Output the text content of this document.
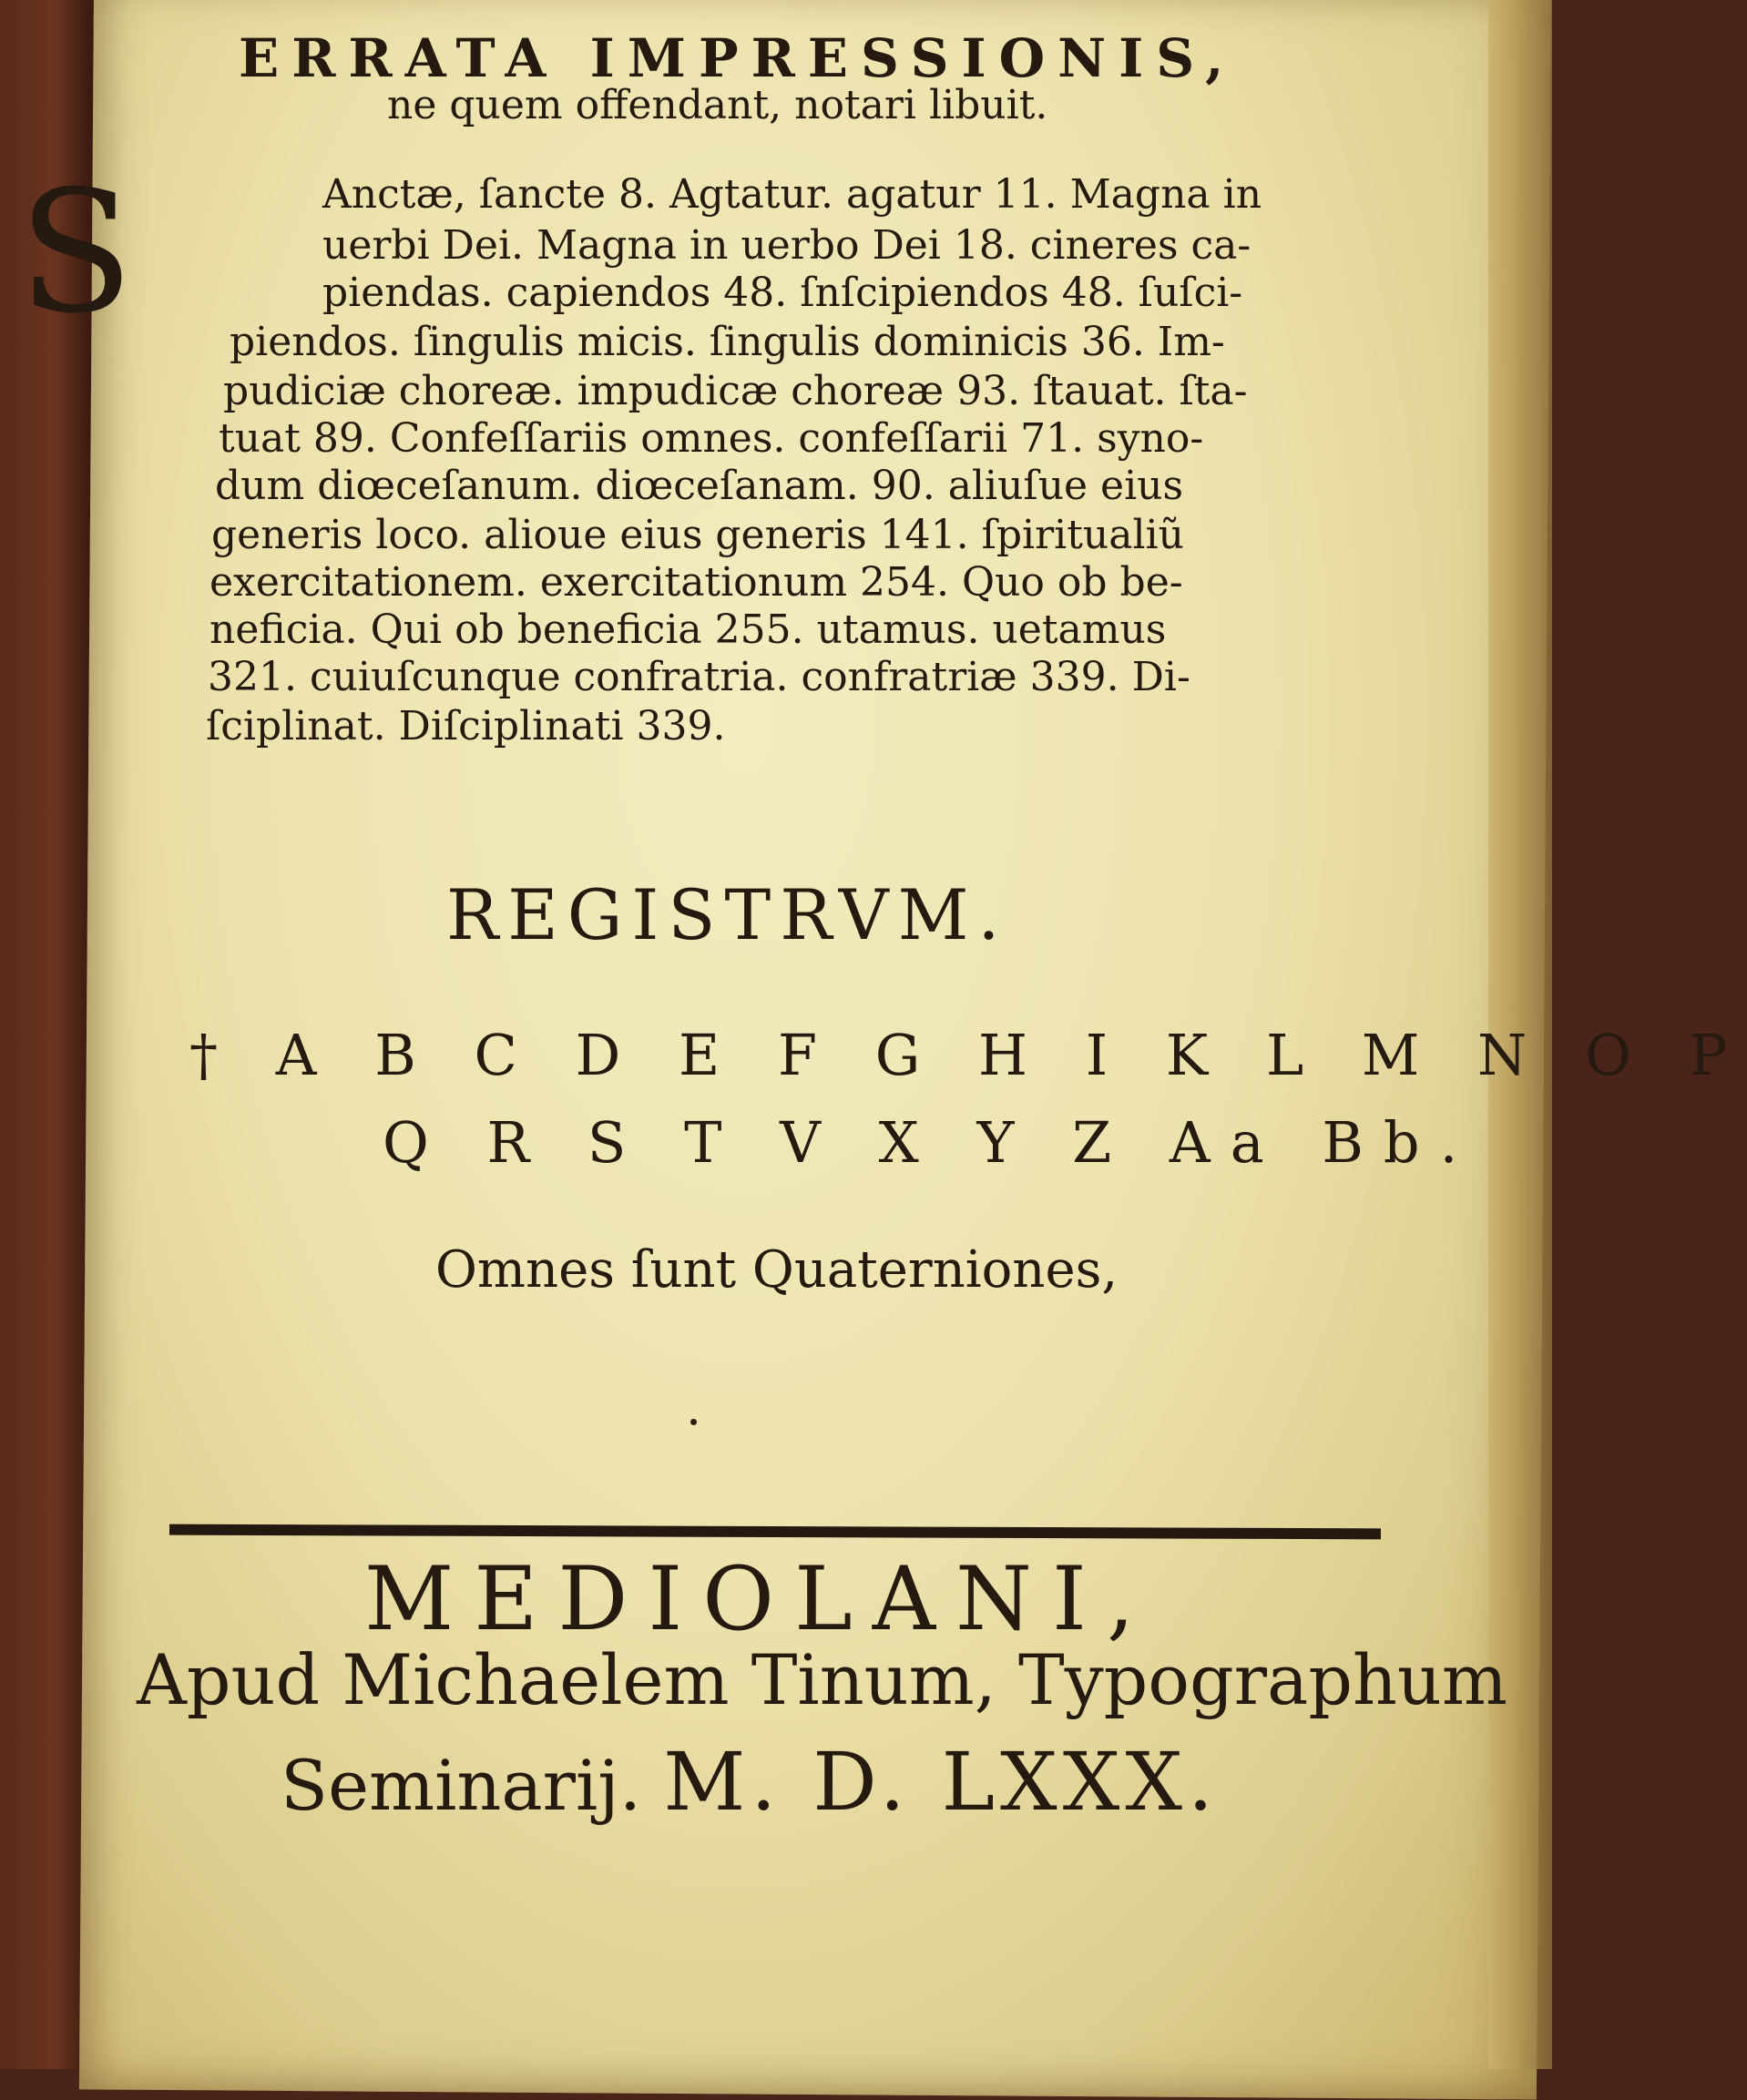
ERRATA IMPRESSIONIS,
ne quem offendant, notari libuit.
S	Anctæ, ſancte 8. Agtatur. agatur 11. Magna in
uerbi Dei. Magna in uerbo Dei 18. cineres ca-
piendas. capiendos 48. ſnſcipiendos 48. ſuſci-
piendos. ſingulis micis. ſingulis dominicis 36. Im-
pudiciæ choreæ. impudicæ choreæ 93. ſtauat. ſta-
tuat 89. Confeſſariis omnes. confeſſarii 71. syno-
dum diœceſanum. diœceſanam. 90. aliuſue eius
generis loco. alioue eius generis 141. ſpiritualiũ
exercitationem. exercitationum 254. Quo ob be-
neficia. Qui ob beneficia 255. utamus. uetamus
321. cuiuſcunque confratria. confratriæ 339. Di-
ſciplinat. Diſciplinati 339.
REGISTRVM.
† A B C D E F G H I K L M N O P
Q R S T V X Y Z Aa Bb.
Omnes ſunt Quaterniones,
MEDIOLANI,
Apud Michaelem Tinum, Typographum
Seminarij. M. D. LXXX.
